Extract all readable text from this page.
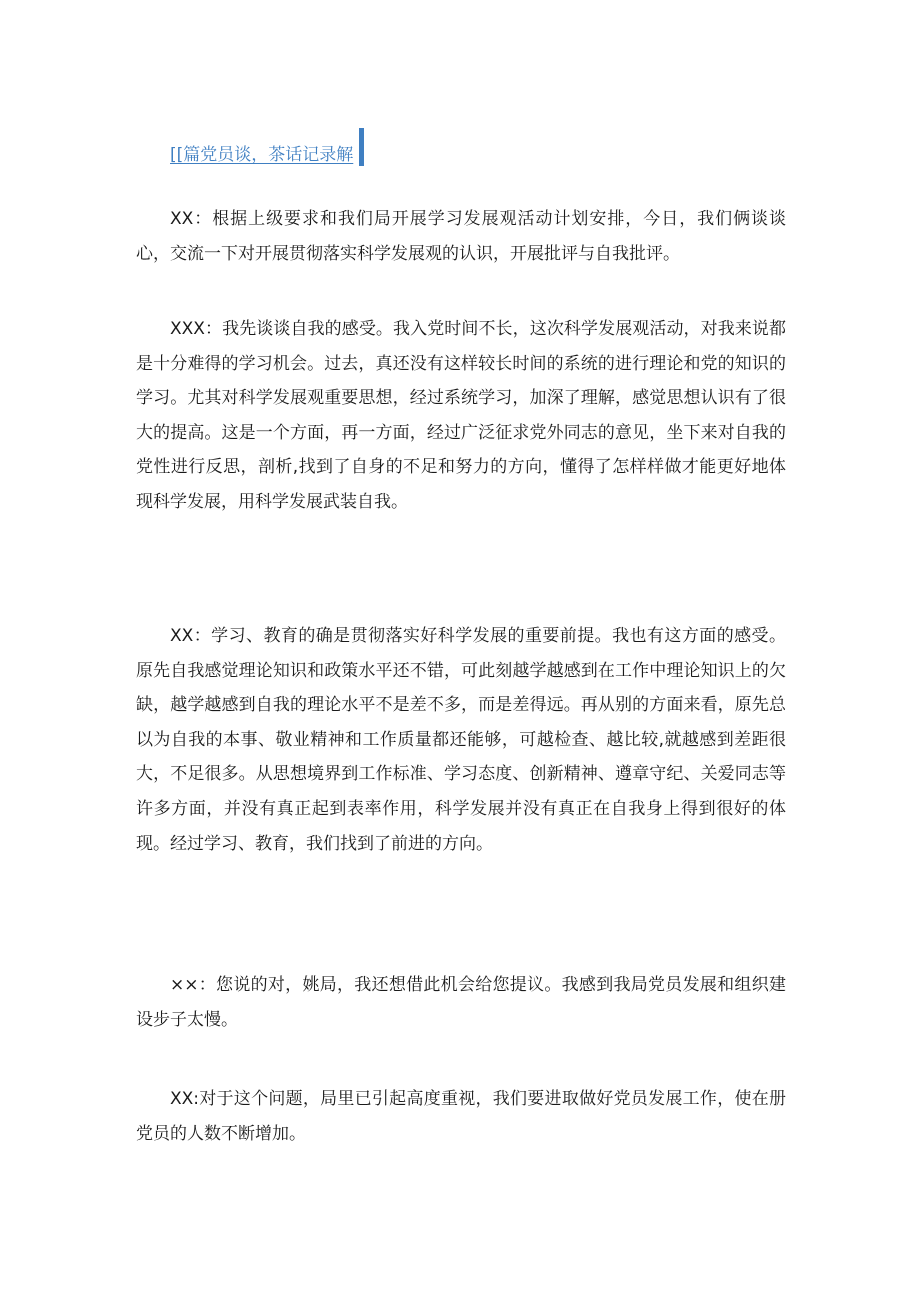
[[篇党员谈，茶话记录解

XX：根据上级要求和我们局开展学习发展观活动计划安排，今日，我们俩谈谈心，交流一下对开展贯彻落实科学发展观的认识，开展批评与自我批评。

XXX：我先谈谈自我的感受。我入党时间不长，这次科学发展观活动，对我来说都是十分难得的学习机会。过去，真还没有这样较长时间的系统的进行理论和党的知识的学习。尤其对科学发展观重要思想，经过系统学习，加深了理解，感觉思想认识有了很大的提高。这是一个方面，再一方面，经过广泛征求党外同志的意见，坐下来对自我的党性进行反思，剖析,找到了自身的不足和努力的方向，懂得了怎样样做才能更好地体现科学发展，用科学发展武装自我。

XX：学习、教育的确是贯彻落实好科学发展的重要前提。我也有这方面的感受。原先自我感觉理论知识和政策水平还不错，可此刻越学越感到在工作中理论知识上的欠缺，越学越感到自我的理论水平不是差不多，而是差得远。再从别的方面来看，原先总以为自我的本事、敬业精神和工作质量都还能够，可越检查、越比较,就越感到差距很大，不足很多。从思想境界到工作标准、学习态度、创新精神、遵章守纪、关爱同志等许多方面，并没有真正起到表率作用，科学发展并没有真正在自我身上得到很好的体现。经过学习、教育，我们找到了前进的方向。

××：您说的对，姚局，我还想借此机会给您提议。我感到我局党员发展和组织建设步子太慢。

XX:对于这个问题，局里已引起高度重视，我们要进取做好党员发展工作，使在册党员的人数不断增加。
